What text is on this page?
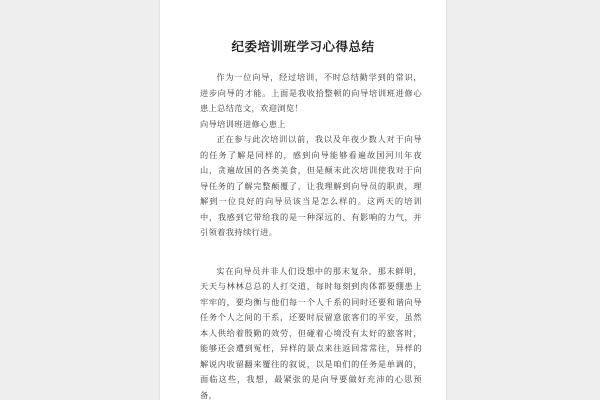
纪委培训班学习心得总结

作为一位向导，经过培训，不时总结勤学到的常识，进步向导的才能。上面是我收拾整顿的向导培训班进修心患上总结范文，欢迎浏览！

向导培训班进修心患上

正在参与此次培训以前，我以及年夜少数人对于向导的任务了解是同样的，感到向导能够看遍故国河川年夜山，贪遍故国的各类美食，但是颠末此次培训使我对于向导任务的了解完整颠覆了，让我理解到向导员的职责，理解到一位良好的向导员该当是怎么样的。这两天的培训中，我感到它带给我的是一种深远的、有影响的力气，并引领着我持续行进。

实在向导员并非人们设想中的那末复杂，那末鲜明，天天与林林总总的人打交道，每时每刻到肉体都要绷患上牢牢的，要均衡与他们每一个人千系的同时还要和谐向导任务个人之间的干系，还要时辰留意旅客们的平安，虽然本人供给着殷勤的效劳，但碰着心境没有太好的旅客时，能够还会遭到冤枉，异样的景点来往返回常常往，异样的解说内收留翻来覆往的叙说，以是咱们的任务是单调的，面临这些，我想，最紧张的是向导要做好充沛的心思预备，
